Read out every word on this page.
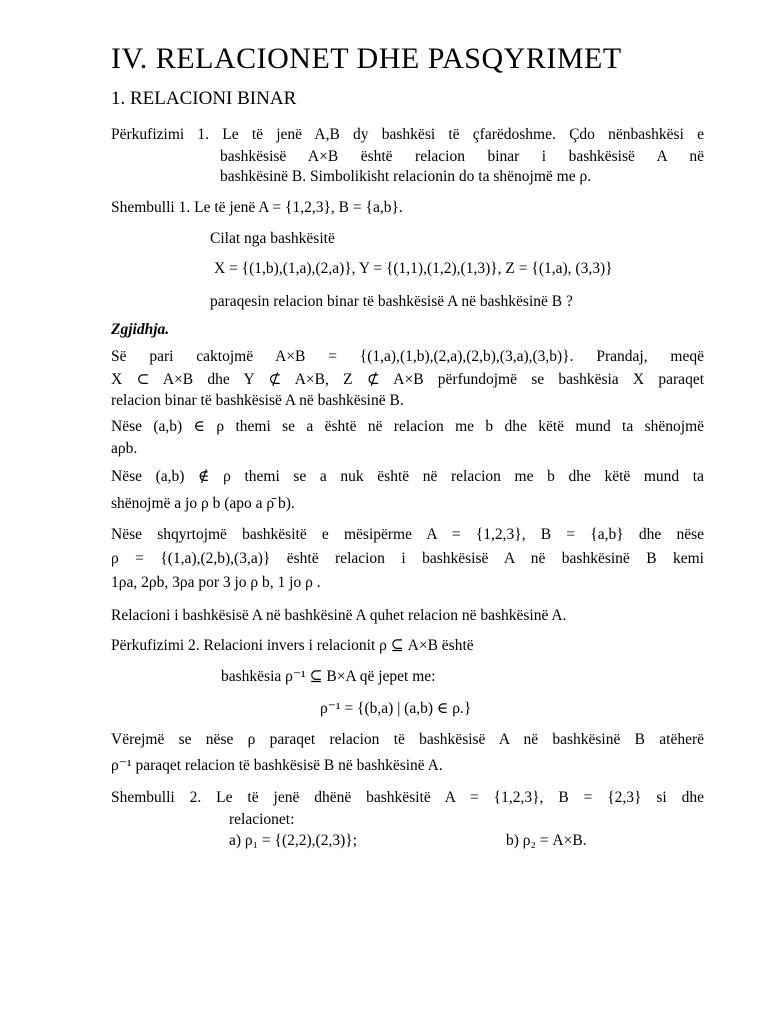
IV. RELACIONET DHE PASQYRIMET
1. RELACIONI BINAR
Përkufizimi 1. Le të jenë A,B dy bashkësi të çfarëdoshme. Çdo nënbashkësi e
bashkësisë A×B është relacion binar i bashkësisë A në
bashkësinë B. Simbolikisht relacionin do ta shënojmë me ρ.
Shembulli 1. Le të jenë A = {1,2,3}, B = {a,b}.
Cilat nga bashkësitë
X = {(1,b),(1,a),(2,a)}, Y = {(1,1),(1,2),(1,3)}, Z = {(1,a), (3,3)}
paraqesin relacion binar të bashkësisë A në bashkësinë B ?
Zgjidhja.
Së pari caktojmë A×B = {(1,a),(1,b),(2,a),(2,b),(3,a),(3,b)}. Prandaj, meqë
X ⊂ A×B dhe Y ⊄ A×B, Z ⊄ A×B përfundojmë se bashkësia X paraqet
relacion binar të bashkësisë A në bashkësinë B.
Nëse (a,b) ∈ ρ themi se a është në relacion me b dhe këtë mund ta shënojmë
aρb.
Nëse (a,b) ∉ ρ themi se a nuk është në relacion me b dhe këtë mund ta
shënojmë a jo ρ b (apo a ρ̄ b).
Nëse shqyrtojmë bashkësitë e mësipërme A = {1,2,3}, B = {a,b} dhe nëse
ρ = {(1,a),(2,b),(3,a)} është relacion i bashkësisë A në bashkësinë B kemi
1ρa, 2ρb, 3ρa por 3 jo ρ b, 1 jo ρ .
Relacioni i bashkësisë A në bashkësinë A quhet relacion në bashkësinë A.
Përkufizimi 2. Relacioni invers i relacionit ρ ⊆ A×B është
bashkësia ρ⁻¹ ⊆ B×A që jepet me:
ρ⁻¹ = {(b,a) | (a,b) ∈ ρ.}
Vërejmë se nëse ρ paraqet relacion të bashkësisë A në bashkësinë B atëherë
ρ⁻¹ paraqet relacion të bashkësisë B në bashkësinë A.
Shembulli 2. Le të jenë dhënë bashkësitë A = {1,2,3}, B = {2,3} si dhe
relacionet:
a) ρ₁ = {(2,2),(2,3)};	b) ρ₂ = A×B.
